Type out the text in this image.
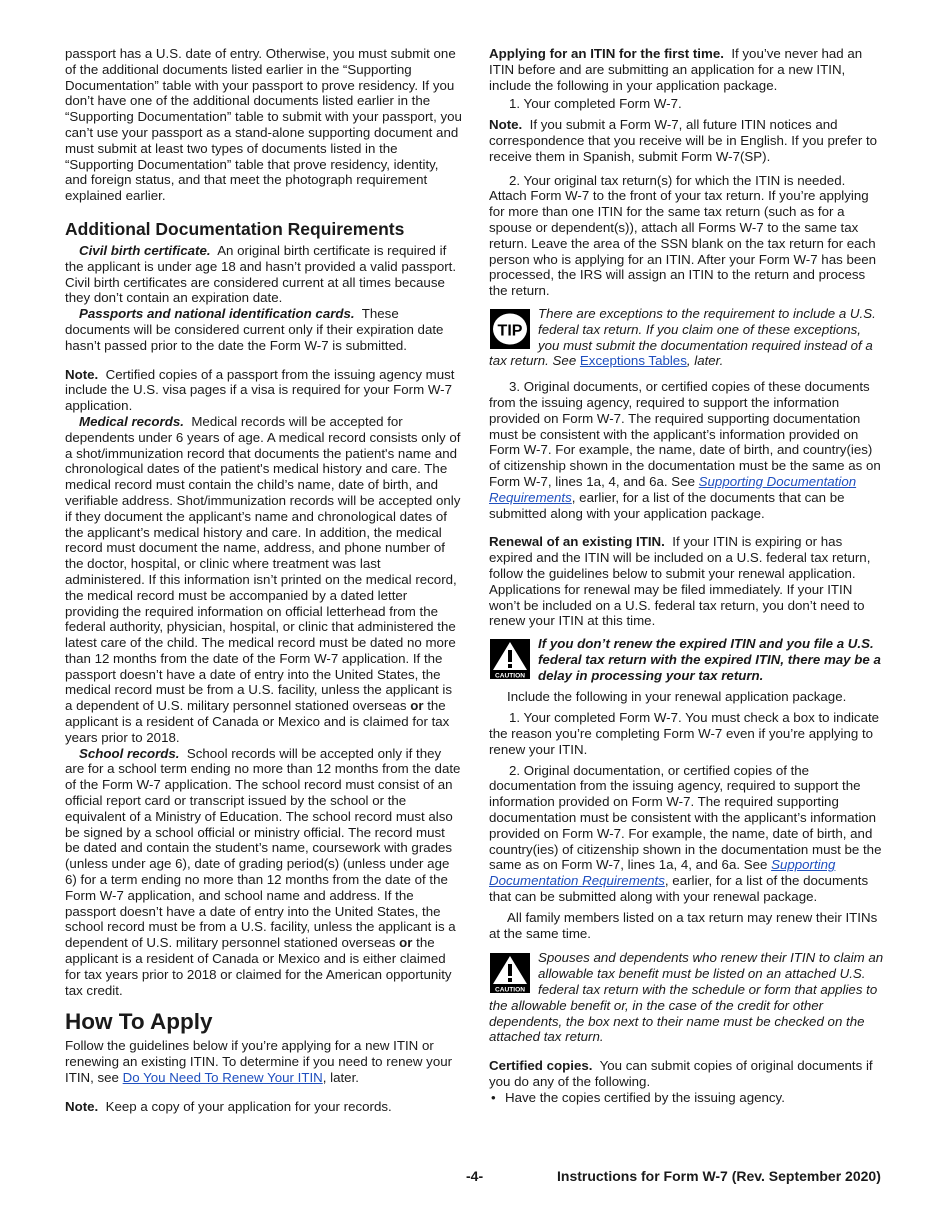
passport has a U.S. date of entry. Otherwise, you must submit one of the additional documents listed earlier in the “Supporting Documentation” table with your passport to prove residency. If you don’t have one of the additional documents listed earlier in the “Supporting Documentation” table to submit with your passport, you can’t use your passport as a stand-alone supporting document and must submit at least two types of documents listed in the “Supporting Documentation” table that prove residency, identity, and foreign status, and that meet the photograph requirement explained earlier.

Additional Documentation Requirements

Civil birth certificate. An original birth certificate is required if the applicant is under age 18 and hasn’t provided a valid passport. Civil birth certificates are considered current at all times because they don’t contain an expiration date.

Passports and national identification cards. These documents will be considered current only if their expiration date hasn’t passed prior to the date the Form W-7 is submitted.

Note. Certified copies of a passport from the issuing agency must include the U.S. visa pages if a visa is required for your Form W-7 application.

Medical records. Medical records will be accepted for dependents under 6 years of age. A medical record consists only of a shot/immunization record that documents the patient's name and chronological dates of the patient's medical history and care. The medical record must contain the child’s name, date of birth, and verifiable address. Shot/immunization records will be accepted only if they document the applicant’s name and chronological dates of the applicant’s medical history and care. In addition, the medical record must document the name, address, and phone number of the doctor, hospital, or clinic where treatment was last administered. If this information isn’t printed on the medical record, the medical record must be accompanied by a dated letter providing the required information on official letterhead from the federal authority, physician, hospital, or clinic that administered the latest care of the child. The medical record must be dated no more than 12 months from the date of the Form W-7 application. If the passport doesn’t have a date of entry into the United States, the medical record must be from a U.S. facility, unless the applicant is a dependent of U.S. military personnel stationed overseas or the applicant is a resident of Canada or Mexico and is claimed for tax years prior to 2018.

School records. School records will be accepted only if they are for a school term ending no more than 12 months from the date of the Form W-7 application. The school record must consist of an official report card or transcript issued by the school or the equivalent of a Ministry of Education. The school record must also be signed by a school official or ministry official. The record must be dated and contain the student’s name, coursework with grades (unless under age 6), date of grading period(s) (unless under age 6) for a term ending no more than 12 months from the date of the Form W-7 application, and school name and address. If the passport doesn’t have a date of entry into the United States, the school record must be from a U.S. facility, unless the applicant is a dependent of U.S. military personnel stationed overseas or the applicant is a resident of Canada or Mexico and is either claimed for tax years prior to 2018 or claimed for the American opportunity tax credit.

How To Apply

Follow the guidelines below if you’re applying for a new ITIN or renewing an existing ITIN. To determine if you need to renew your ITIN, see Do You Need To Renew Your ITIN, later.

Note. Keep a copy of your application for your records.

Applying for an ITIN for the first time. If you’ve never had an ITIN before and are submitting an application for a new ITIN, include the following in your application package.

1. Your completed Form W-7.

Note. If you submit a Form W-7, all future ITIN notices and correspondence that you receive will be in English. If you prefer to receive them in Spanish, submit Form W-7(SP).

2. Your original tax return(s) for which the ITIN is needed. Attach Form W-7 to the front of your tax return. If you’re applying for more than one ITIN for the same tax return (such as for a spouse or dependent(s)), attach all Forms W-7 to the same tax return. Leave the area of the SSN blank on the tax return for each person who is applying for an ITIN. After your Form W-7 has been processed, the IRS will assign an ITIN to the return and process the return.

TIP

There are exceptions to the requirement to include a U.S. federal tax return. If you claim one of these exceptions, you must submit the documentation required instead of a tax return. See Exceptions Tables, later.

3. Original documents, or certified copies of these documents from the issuing agency, required to support the information provided on Form W-7. The required supporting documentation must be consistent with the applicant’s information provided on Form W-7. For example, the name, date of birth, and country(ies) of citizenship shown in the documentation must be the same as on Form W-7, lines 1a, 4, and 6a. See Supporting Documentation Requirements, earlier, for a list of the documents that can be submitted along with your application package.

Renewal of an existing ITIN. If your ITIN is expiring or has expired and the ITIN will be included on a U.S. federal tax return, follow the guidelines below to submit your renewal application. Applications for renewal may be filed immediately. If your ITIN won’t be included on a U.S. federal tax return, you don’t need to renew your ITIN at this time.

CAUTION

If you don’t renew the expired ITIN and you file a U.S. federal tax return with the expired ITIN, there may be a delay in processing your tax return.

Include the following in your renewal application package.

1. Your completed Form W-7. You must check a box to indicate the reason you’re completing Form W-7 even if you’re applying to renew your ITIN.

2. Original documentation, or certified copies of the documentation from the issuing agency, required to support the information provided on Form W-7. The required supporting documentation must be consistent with the applicant’s information provided on Form W-7. For example, the name, date of birth, and country(ies) of citizenship shown in the documentation must be the same as on Form W-7, lines 1a, 4, and 6a. See Supporting Documentation Requirements, earlier, for a list of the documents that can be submitted along with your renewal package.

All family members listed on a tax return may renew their ITINs at the same time.

CAUTION

Spouses and dependents who renew their ITIN to claim an allowable tax benefit must be listed on an attached U.S. federal tax return with the schedule or form that applies to the allowable benefit or, in the case of the credit for other dependents, the box next to their name must be checked on the attached tax return.

Certified copies. You can submit copies of original documents if you do any of the following.

• Have the copies certified by the issuing agency.

-4-	Instructions for Form W-7 (Rev. September 2020)
